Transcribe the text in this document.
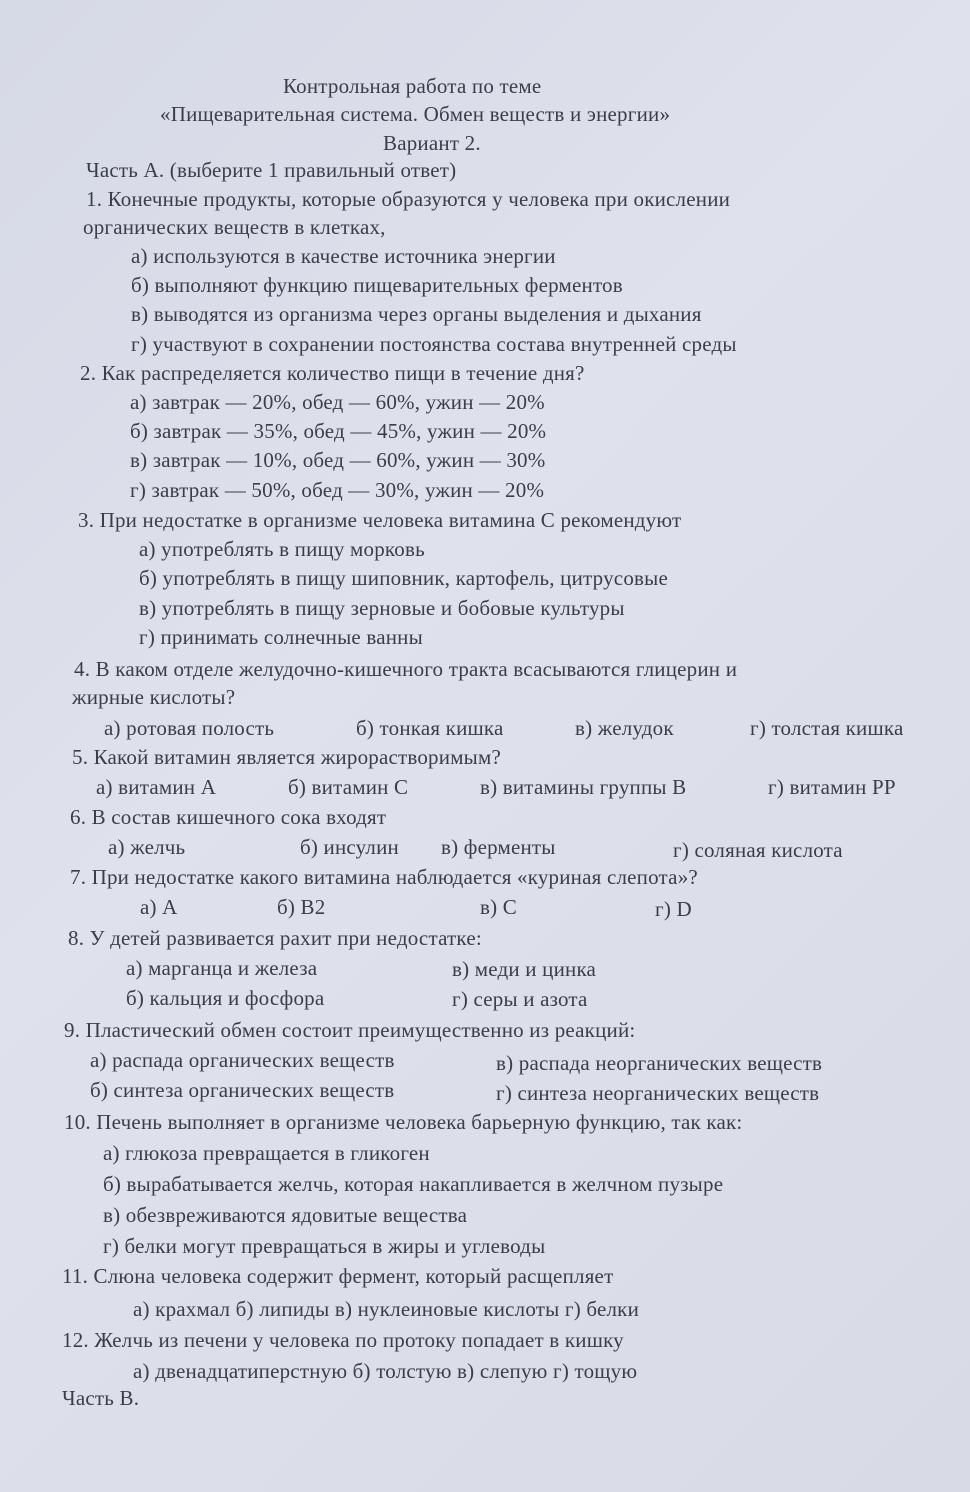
Контрольная работа по теме
«Пищеварительная система. Обмен веществ и энергии»
Вариант 2.
Часть А. (выберите 1 правильный ответ)
1. Конечные продукты, которые образуются у человека при окислении
органических веществ в клетках,
а) используются в качестве источника энергии
б) выполняют функцию пищеварительных ферментов
в) выводятся из организма через органы выделения и дыхания
г) участвуют в сохранении постоянства состава внутренней среды
2. Как распределяется количество пищи в течение дня?
а) завтрак — 20%, обед — 60%, ужин — 20%
б) завтрак — 35%, обед — 45%, ужин — 20%
в) завтрак — 10%, обед — 60%, ужин — 30%
г) завтрак — 50%, обед — 30%, ужин — 20%
3. При недостатке в организме человека витамина С рекомендуют
а) употреблять в пищу морковь
б) употреблять в пищу шиповник, картофель, цитрусовые
в) употреблять в пищу зерновые и бобовые культуры
г) принимать солнечные ванны
4. В каком отделе желудочно-кишечного тракта всасываются глицерин и
жирные кислоты?
а) ротовая полость	б) тонкая кишка	в) желудок	г) толстая кишка
5. Какой витамин является жирорастворимым?
а) витамин А	б) витамин С	в) витамины группы В	г) витамин РР
6. В состав кишечного сока входят
а) желчь	б) инсулин в) ферменты	г) соляная кислота
7. При недостатке какого витамина наблюдается «куриная слепота»?
а) А	б) В2	в) С	г) D
8. У детей развивается рахит при недостатке:
а) марганца и железа	в) меди и цинка
б) кальция и фосфора	г) серы и азота
9. Пластический обмен состоит преимущественно из реакций:
а) распада органических веществ	в) распада неорганических веществ
б) синтеза органических веществ	г) синтеза неорганических веществ
10. Печень выполняет в организме человека барьерную функцию, так как:
а) глюкоза превращается в гликоген
б) вырабатывается желчь, которая накапливается в желчном пузыре
в) обезвреживаются ядовитые вещества
г) белки могут превращаться в жиры и углеводы
11. Слюна человека содержит фермент, который расщепляет
а) крахмал б) липиды в) нуклеиновые кислоты г) белки
12. Желчь из печени у человека по протоку попадает в кишку
а) двенадцатиперстную б) толстую в) слепую г) тощую
Часть В.
